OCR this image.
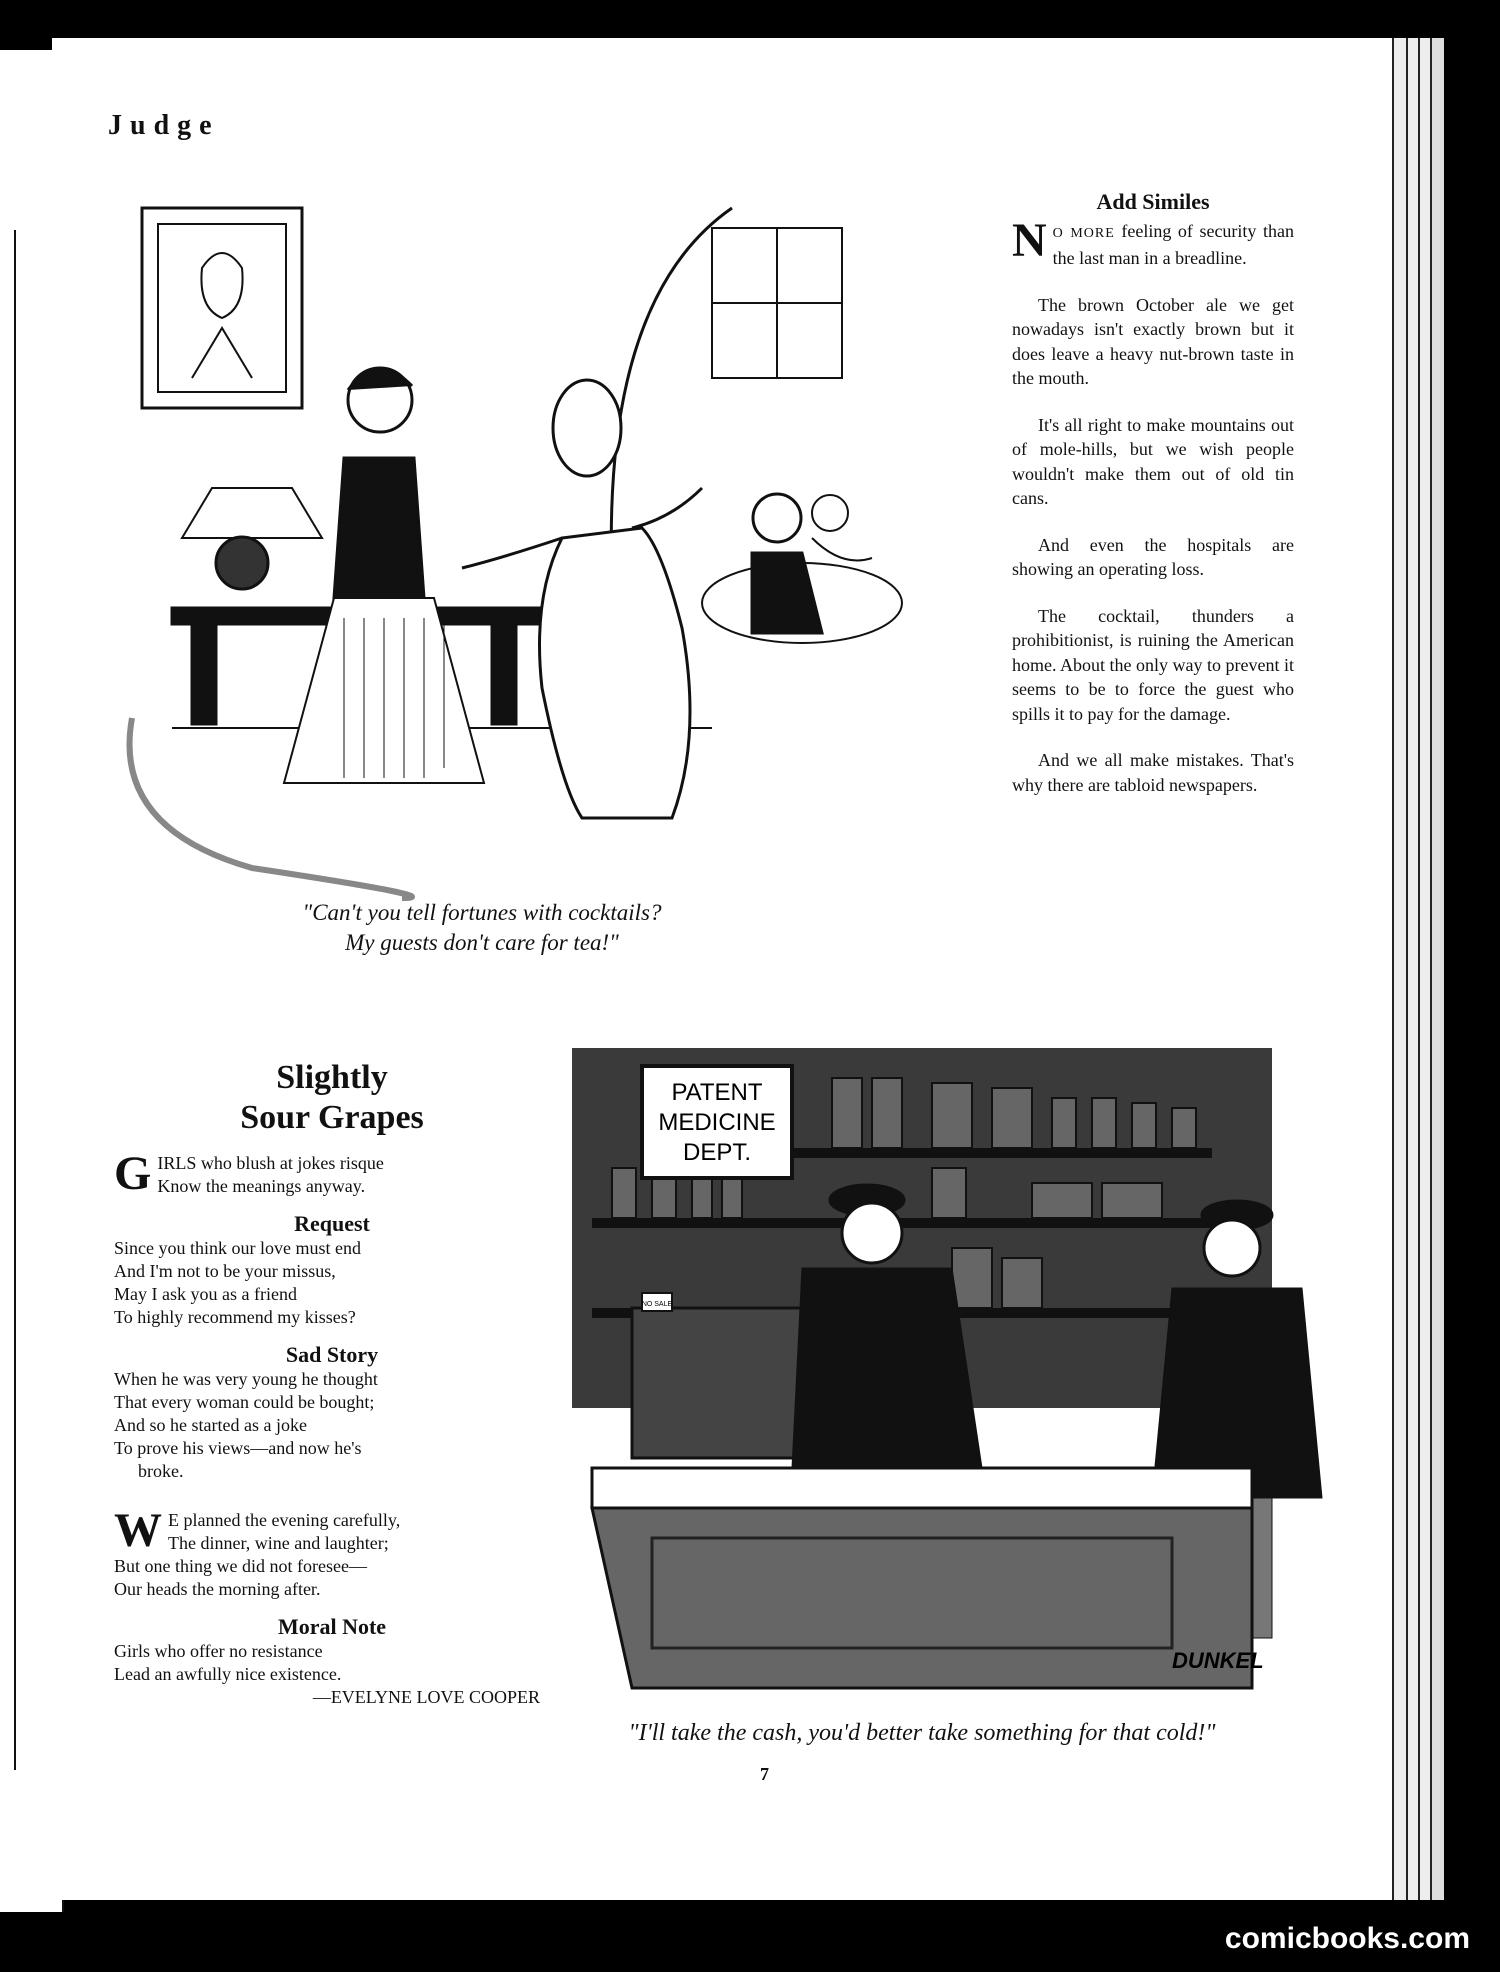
Judge
"Can't you tell fortunes with cocktails?
My guests don't care for tea!"
Add Similes

N O MORE feeling of security than the last man in a breadline.

The brown October ale we get nowadays isn't exactly brown but it does leave a heavy nut-brown taste in the mouth.

It's all right to make mountains out of mole-hills, but we wish people wouldn't make them out of old tin cans.

And even the hospitals are showing an operating loss.

The cocktail, thunders a prohibitionist, is ruining the American home. About the only way to prevent it seems to be to force the guest who spills it to pay for the damage.

And we all make mistakes. That's why there are tabloid newspapers.

Slightly
Sour Grapes
G IRLS who blush at jokes risque
Know the meanings anyway.
Request
Since you think our love must end
And I'm not to be your missus,
May I ask you as a friend
To highly recommend my kisses?
Sad Story
When he was very young he thought
That every woman could be bought;
And so he started as a joke
To prove his views—and now he's
broke.
W E planned the evening carefully,
The dinner, wine and laughter;
But one thing we did not foresee—
Our heads the morning after.
Moral Note
Girls who offer no resistance
Lead an awfully nice existence.
—EVELYNE LOVE COOPER
PATENT
MEDICINE
DEPT.
NO SALE
DUNKEL
"I'll take the cash, you'd better take something for that cold!"
7
comicbooks.com
